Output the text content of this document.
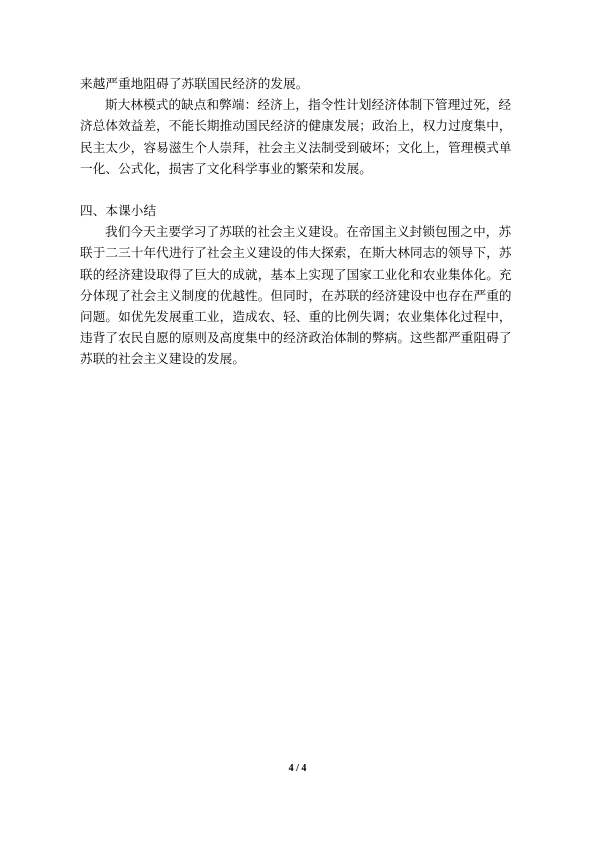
来越严重地阻碍了苏联国民经济的发展。

斯大林模式的缺点和弊端：经济上，指令性计划经济体制下管理过死，经济总体效益差，不能长期推动国民经济的健康发展；政治上，权力过度集中，民主太少，容易滋生个人崇拜，社会主义法制受到破坏；文化上，管理模式单一化、公式化，损害了文化科学事业的繁荣和发展。

四、本课小结

我们今天主要学习了苏联的社会主义建设。在帝国主义封锁包围之中，苏联于二三十年代进行了社会主义建设的伟大探索，在斯大林同志的领导下，苏联的经济建设取得了巨大的成就，基本上实现了国家工业化和农业集体化。充分体现了社会主义制度的优越性。但同时，在苏联的经济建设中也存在严重的问题。如优先发展重工业，造成农、轻、重的比例失调；农业集体化过程中，违背了农民自愿的原则及高度集中的经济政治体制的弊病。这些都严重阻碍了苏联的社会主义建设的发展。

4 / 4
